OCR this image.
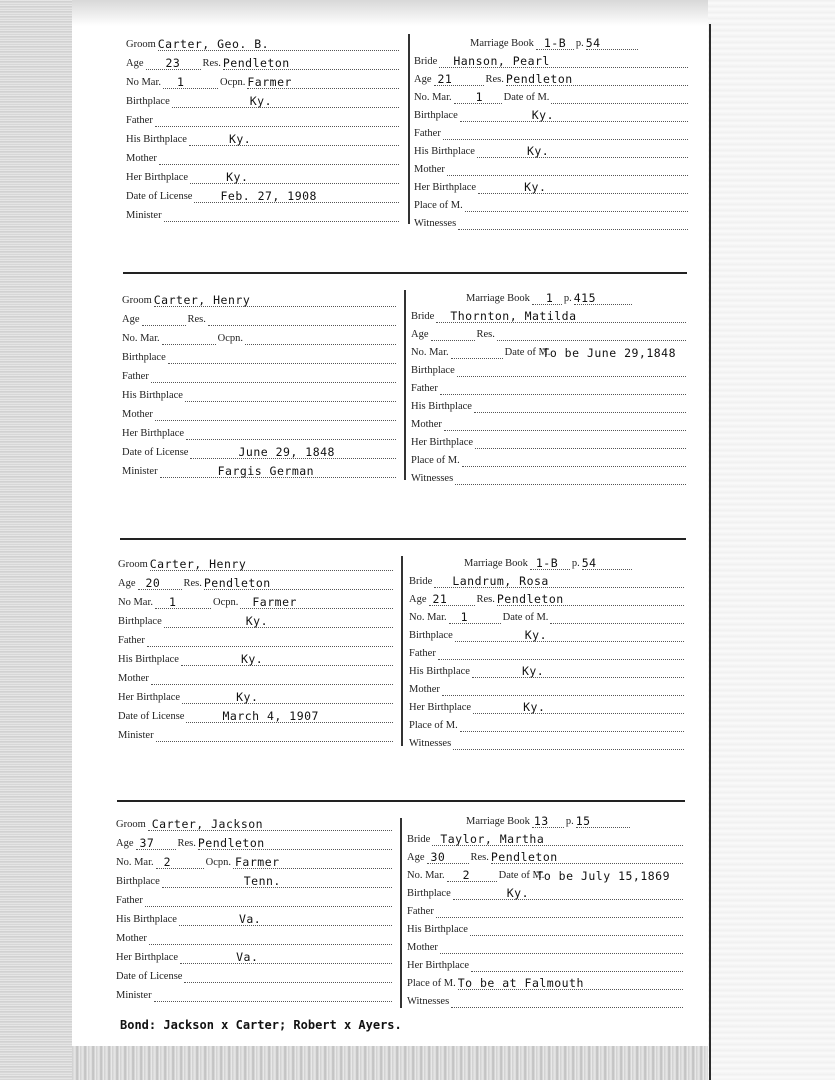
Groom Carter, Geo. B.
Age 23 Res. Pendleton
No Mar. 1	Ocpn. Farmer
Birthplace	Ky.
Father
His Birthplace	Ky.
Mother
Her Birthplace	Ky.
Date of License Feb. 27, 1908
Minister
Marriage Book 1-B p. 54
Bride Hanson, Pearl
Age 21	Res. Pendleton
No. Mar. 1 Date of M.
Birthplace	Ky.
Father
His Birthplace	Ky.
Mother
Her Birthplace	Ky.
Place of M.
Witnesses
Groom Carter, Henry
Age	Res.
No. Mar.	Ocpn.
Birthplace
Father
His Birthplace
Mother
Her Birthplace
Date of License	June 29, 1848
Minister	Fargis German
Marriage Book 1 p. 415
Bride Thornton, Matilda
Age	Res.
No. Mar.	Date of M.
To be June 29,1848
Birthplace
Father
His Birthplace
Mother
Her Birthplace
Place of M.
Witnesses
Groom Carter, Henry
Age 20 Res. Pendleton
No Mar. 1	Ocpn. Farmer
Birthplace	Ky.
Father
His Birthplace	Ky.
Mother
Her Birthplace	Ky.
Date of License	March 4, 1907
Minister
Marriage Book 1-B p. 54
Bride Landrum, Rosa
Age 21	Res. Pendleton
No. Mar. 1	Date of M.
Birthplace	Ky.
Father
His Birthplace	Ky.
Mother
Her Birthplace	Ky.
Place of M.
Witnesses
Groom Carter, Jackson
Age 37 Res. Pendleton
No. Mar. 2	Ocpn. Farmer
Birthplace	Tenn.
Father
His Birthplace	Va.
Mother
Her Birthplace	Va.
Date of License
Minister
Marriage Book 13 p. 15
Bride Taylor, Martha
Age 30 Res. Pendleton
No. Mar. 2	Date of M.
To be July 15,1869
Birthplace	Ky.
Father
His Birthplace
Mother
Her Birthplace
Place of M. To be at Falmouth
Witnesses
Bond: Jackson x Carter; Robert x Ayers.
